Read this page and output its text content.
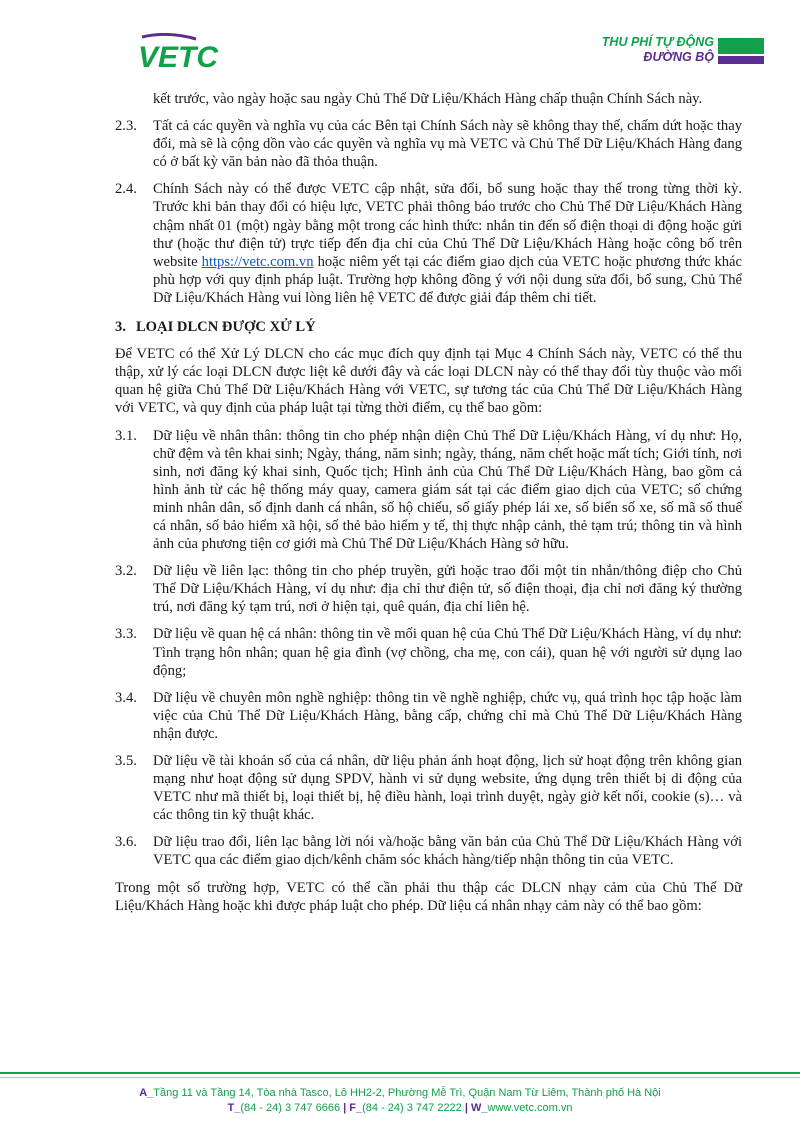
VETC	THU PHÍ TỰ ĐỘNG
ĐƯỜNG BỘ
kết trước, vào ngày hoặc sau ngày Chủ Thể Dữ Liệu/Khách Hàng chấp thuận Chính Sách này.
2.3. Tất cả các quyền và nghĩa vụ của các Bên tại Chính Sách này sẽ không thay thế, chấm dứt hoặc thay đổi, mà sẽ là cộng dồn vào các quyền và nghĩa vụ mà VETC và Chủ Thể Dữ Liệu/Khách Hàng đang có ở bất kỳ văn bản nào đã thỏa thuận.
2.4. Chính Sách này có thể được VETC cập nhật, sửa đổi, bổ sung hoặc thay thế trong từng thời kỳ. Trước khi bản thay đổi có hiệu lực, VETC phải thông báo trước cho Chủ Thể Dữ Liệu/Khách Hàng chậm nhất 01 (một) ngày bằng một trong các hình thức: nhắn tin đến số điện thoại di động hoặc gửi thư (hoặc thư điện tử) trực tiếp đến địa chỉ của Chủ Thể Dữ Liệu/Khách Hàng hoặc công bố trên website https://vetc.com.vn hoặc niêm yết tại các điểm giao dịch của VETC hoặc phương thức khác phù hợp với quy định pháp luật. Trường hợp không đồng ý với nội dung sửa đổi, bổ sung, Chủ Thể Dữ Liệu/Khách Hàng vui lòng liên hệ VETC để được giải đáp thêm chi tiết.
3. LOẠI DLCN ĐƯỢC XỬ LÝ
Để VETC có thể Xử Lý DLCN cho các mục đích quy định tại Mục 4 Chính Sách này, VETC có thể thu thập, xử lý các loại DLCN được liệt kê dưới đây và các loại DLCN này có thể thay đổi tùy thuộc vào mối quan hệ giữa Chủ Thể Dữ Liệu/Khách Hàng với VETC, sự tương tác của Chủ Thể Dữ Liệu/Khách Hàng với VETC, và quy định của pháp luật tại từng thời điểm, cụ thể bao gồm:
3.1. Dữ liệu về nhân thân: thông tin cho phép nhận diện Chủ Thể Dữ Liệu/Khách Hàng, ví dụ như: Họ, chữ đệm và tên khai sinh; Ngày, tháng, năm sinh; ngày, tháng, năm chết hoặc mất tích; Giới tính, nơi sinh, nơi đăng ký khai sinh, Quốc tịch; Hình ảnh của Chủ Thể Dữ Liệu/Khách Hàng, bao gồm cả hình ảnh từ các hệ thống máy quay, camera giám sát tại các điểm giao dịch của VETC; số chứng minh nhân dân, số định danh cá nhân, số hộ chiếu, số giấy phép lái xe, số biển số xe, số mã số thuế cá nhân, số bảo hiểm xã hội, số thẻ bảo hiểm y tế, thị thực nhập cảnh, thẻ tạm trú; thông tin và hình ảnh của phương tiện cơ giới mà Chủ Thể Dữ Liệu/Khách Hàng sở hữu.
3.2. Dữ liệu về liên lạc: thông tin cho phép truyền, gửi hoặc trao đổi một tin nhắn/thông điệp cho Chủ Thể Dữ Liệu/Khách Hàng, ví dụ như: địa chỉ thư điện tử, số điện thoại, địa chỉ nơi đăng ký thường trú, nơi đăng ký tạm trú, nơi ở hiện tại, quê quán, địa chỉ liên hệ.
3.3. Dữ liệu về quan hệ cá nhân: thông tin về mối quan hệ của Chủ Thể Dữ Liệu/Khách Hàng, ví dụ như: Tình trạng hôn nhân; quan hệ gia đình (vợ chồng, cha mẹ, con cái), quan hệ với người sử dụng lao động;
3.4. Dữ liệu về chuyên môn nghề nghiệp: thông tin về nghề nghiệp, chức vụ, quá trình học tập hoặc làm việc của Chủ Thể Dữ Liệu/Khách Hàng, bằng cấp, chứng chỉ mà Chủ Thể Dữ Liệu/Khách Hàng nhận được.
3.5. Dữ liệu về tài khoản số của cá nhân, dữ liệu phản ánh hoạt động, lịch sử hoạt động trên không gian mạng như hoạt động sử dụng SPDV, hành vi sử dụng website, ứng dụng trên thiết bị di động của VETC như mã thiết bị, loại thiết bị, hệ điều hành, loại trình duyệt, ngày giờ kết nối, cookie (s)… và các thông tin kỹ thuật khác.
3.6. Dữ liệu trao đổi, liên lạc bằng lời nói và/hoặc bằng văn bản của Chủ Thể Dữ Liệu/Khách Hàng với VETC qua các điểm giao dịch/kênh chăm sóc khách hàng/tiếp nhận thông tin của VETC.
Trong một số trường hợp, VETC có thể cần phải thu thập các DLCN nhạy cảm của Chủ Thể Dữ Liệu/Khách Hàng hoặc khi được pháp luật cho phép. Dữ liệu cá nhân nhạy cảm này có thể bao gồm:
A_Tầng 11 và Tầng 14, Tòa nhà Tasco, Lô HH2-2, Phường Mễ Trì, Quận Nam Từ Liêm, Thành phố Hà Nội
T_(84 - 24) 3 747 6666 | F_(84 - 24) 3 747 2222 | W_www.vetc.com.vn
